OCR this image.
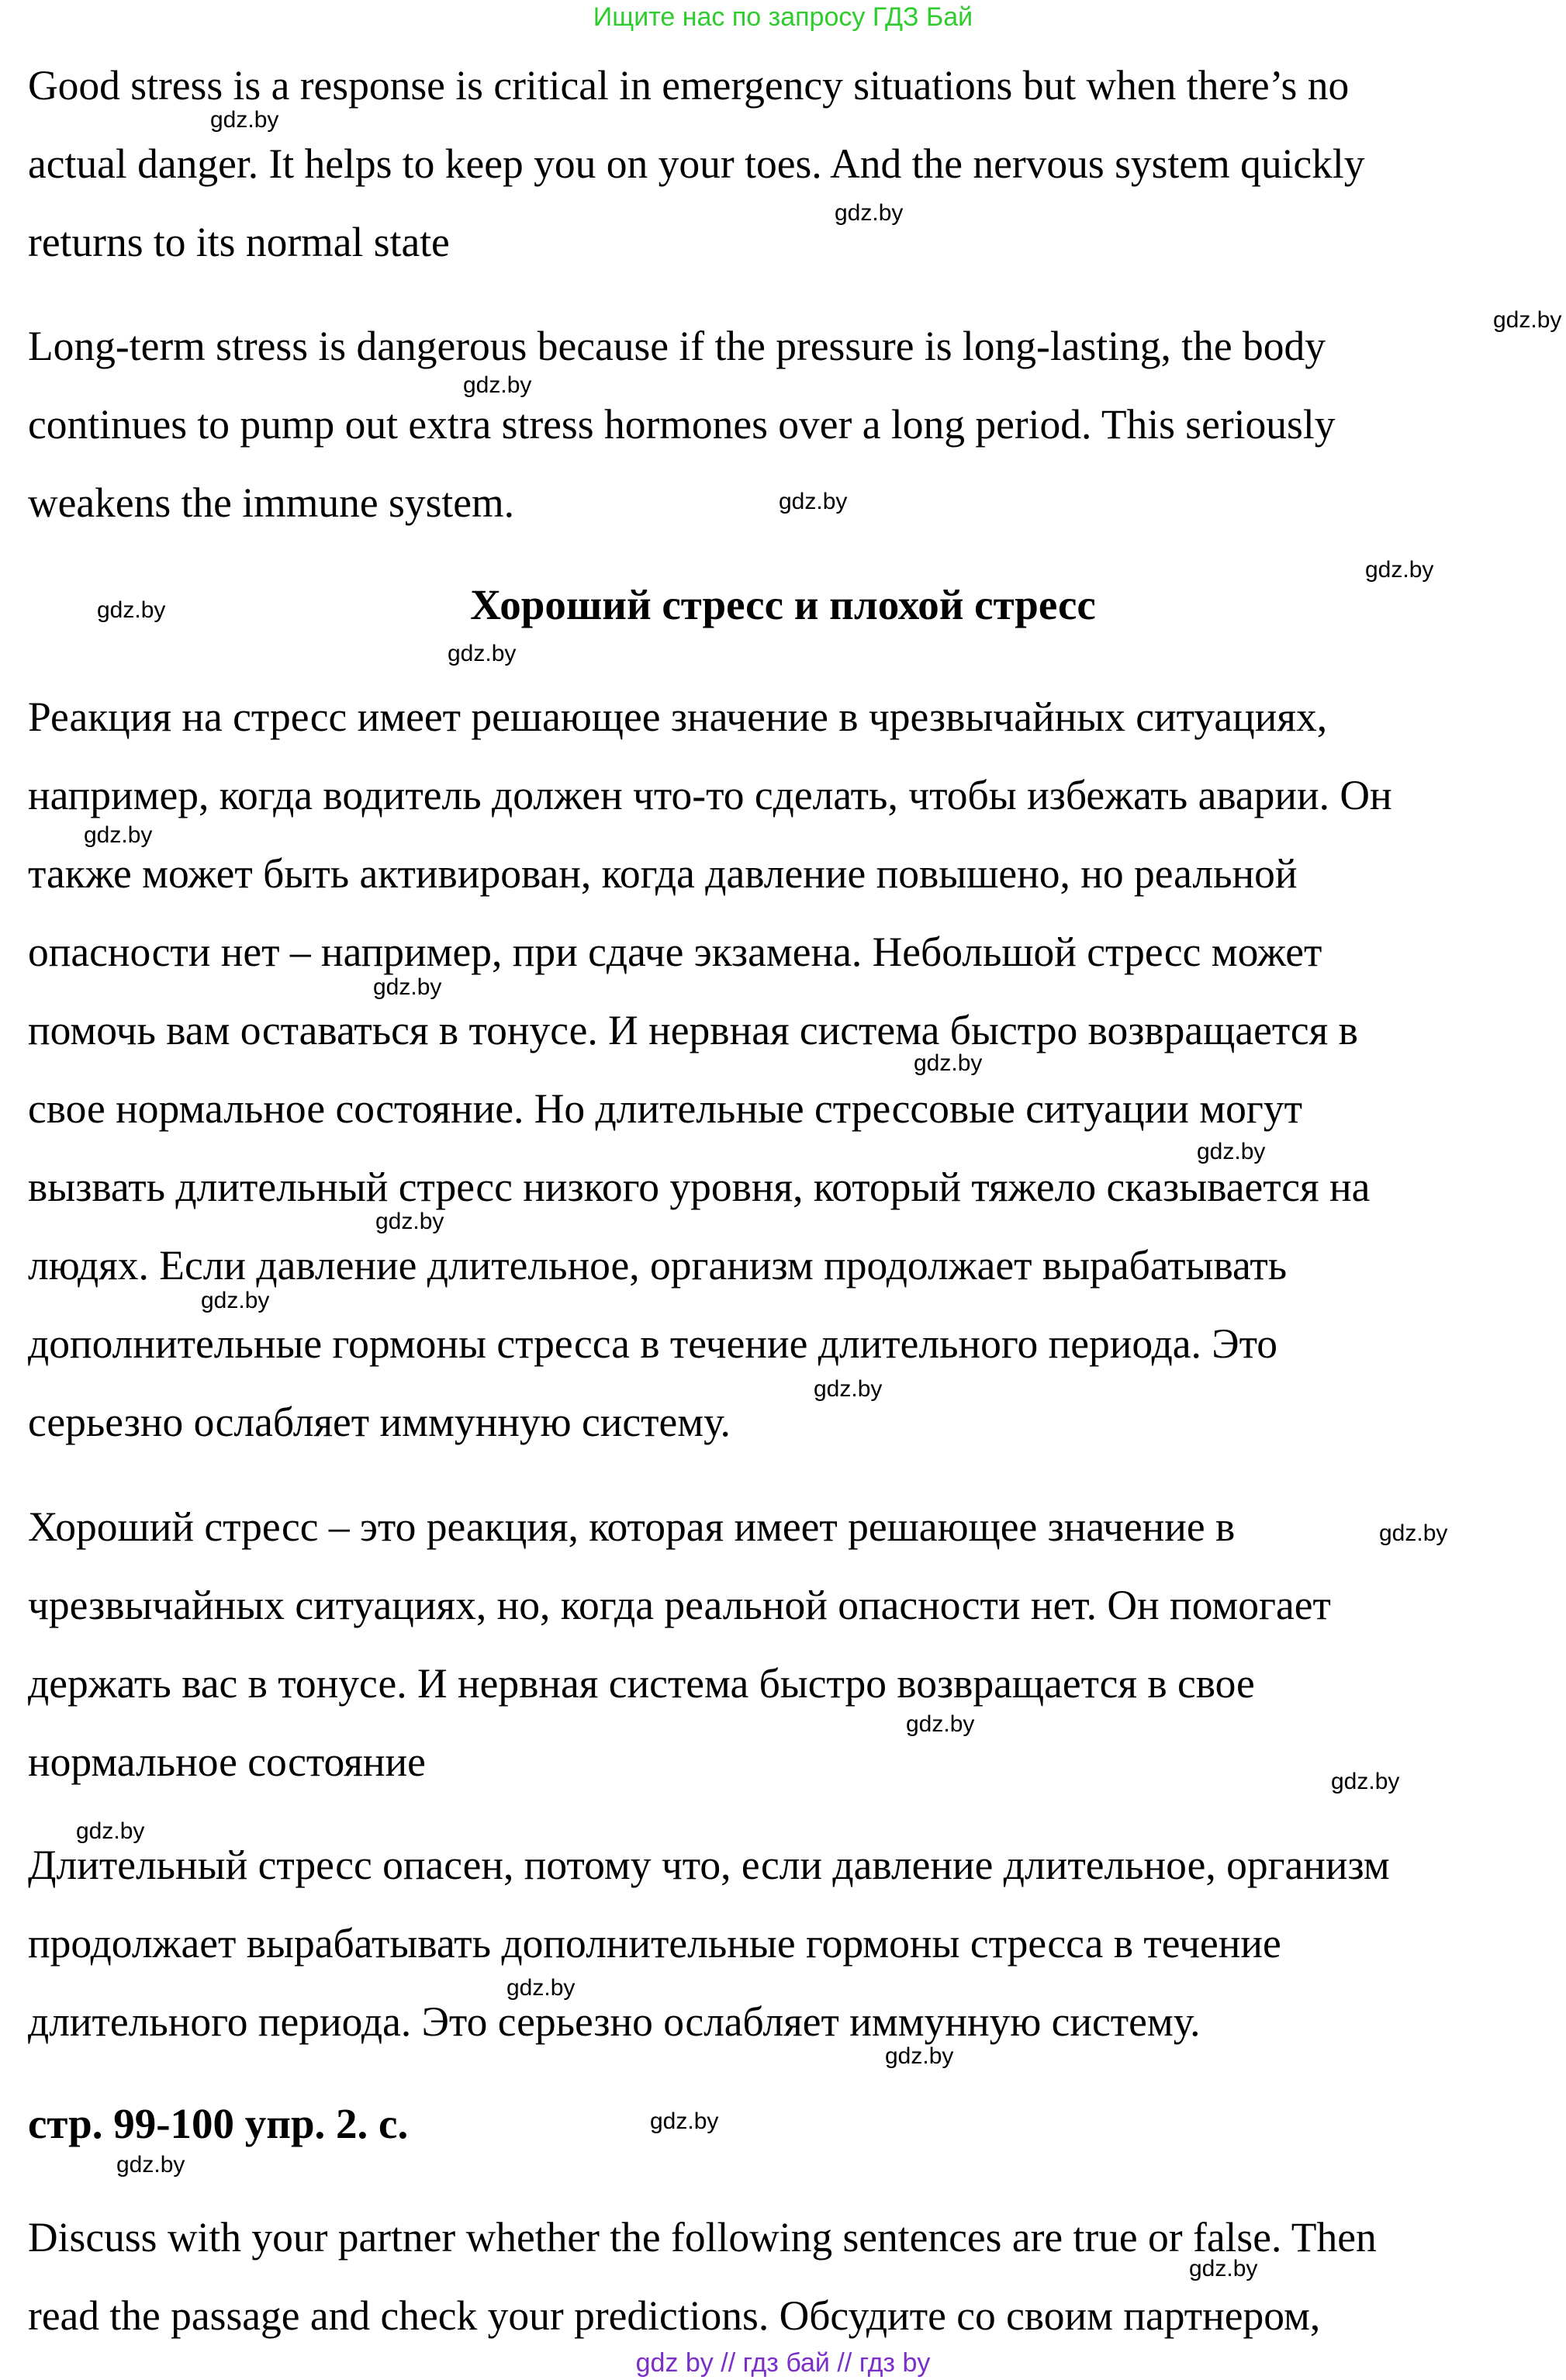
Ищите нас по запросу ГДЗ Бай

Good stress is a response is critical in emergency situations but when there’s no
actual danger. It helps to keep you on your toes. And the nervous system quickly
returns to its normal state

Long-term stress is dangerous because if the pressure is long-lasting, the body
continues to pump out extra stress hormones over a long period. This seriously
weakens the immune system.

Хороший стресс и плохой стресс

Реакция на стресс имеет решающее значение в чрезвычайных ситуациях,
например, когда водитель должен что-то сделать, чтобы избежать аварии. Он
также может быть активирован, когда давление повышено, но реальной
опасности нет – например, при сдаче экзамена. Небольшой стресс может
помочь вам оставаться в тонусе. И нервная система быстро возвращается в
свое нормальное состояние. Но длительные стрессовые ситуации могут
вызвать длительный стресс низкого уровня, который тяжело сказывается на
людях. Если давление длительное, организм продолжает вырабатывать
дополнительные гормоны стресса в течение длительного периода. Это
серьезно ослабляет иммунную систему.

Хороший стресс – это реакция, которая имеет решающее значение в
чрезвычайных ситуациях, но, когда реальной опасности нет. Он помогает
держать вас в тонусе. И нервная система быстро возвращается в свое
нормальное состояние

Длительный стресс опасен, потому что, если давление длительное, организм
продолжает вырабатывать дополнительные гормоны стресса в течение
длительного периода. Это серьезно ослабляет иммунную систему.

стр. 99-100 упр. 2. с.

Discuss with your partner whether the following sentences are true or false. Then
read the passage and check your predictions. Обсудите со своим партнером,

gdz.by
gdz.by
gdz.by
gdz.by
gdz.by
gdz.by
gdz.by
gdz.by
gdz.by
gdz.by
gdz.by
gdz.by
gdz.by
gdz.by
gdz.by
gdz.by
gdz.by
gdz.by
gdz.by
gdz.by
gdz.by
gdz.by
gdz.by
gdz.by
gdz by // гдз бай // гдз by
